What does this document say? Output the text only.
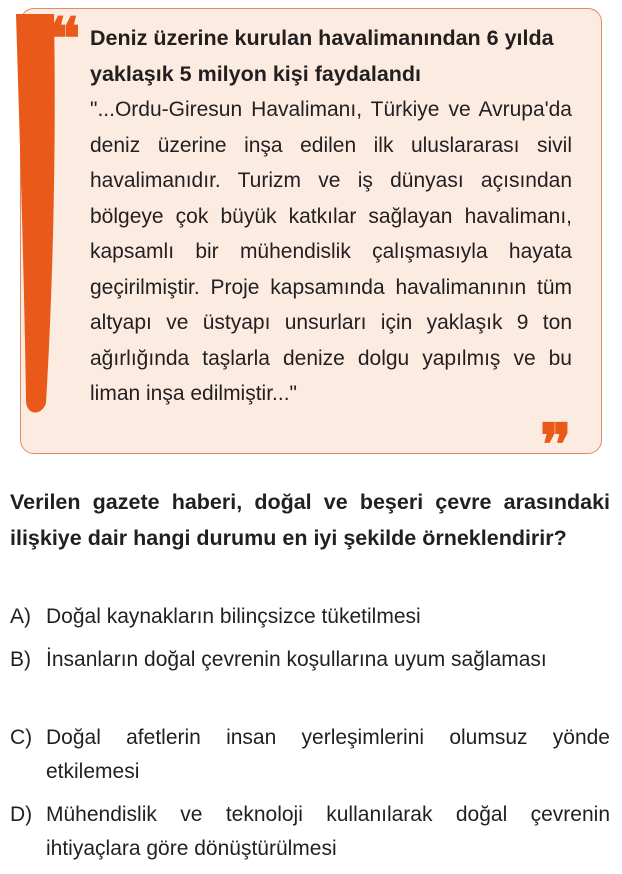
❛❛ Deniz üzerine kurulan havalimanından 6 yılda yaklaşık 5 milyon kişi faydalandı

"...Ordu-Giresun Havalimanı, Türkiye ve Avrupa'da deniz üzerine inşa edilen ilk uluslararası sivil havalimanıdır. Turizm ve iş dünyası açısından bölgeye çok büyük katkılar sağlayan havalimanı, kapsamlı bir mühendislik çalışmasıyla hayata geçirilmiştir. Proje kapsamında havalimanının tüm altyapı ve üstyapı unsurları için yaklaşık 9 ton ağırlığında taşlarla denize dolgu yapılmış ve bu liman inşa edilmiştir..."

❜❜

Verilen gazete haberi, doğal ve beşeri çevre arasındaki ilişkiye dair hangi durumu en iyi şekilde örneklendirir?

A) Doğal kaynakların bilinçsizce tüketilmesi
B) İnsanların doğal çevrenin koşullarına uyum sağlaması
C) Doğal afetlerin insan yerleşimlerini olumsuz yönde etkilemesi
D) Mühendislik ve teknoloji kullanılarak doğal çevrenin ihtiyaçlara göre dönüştürülmesi
